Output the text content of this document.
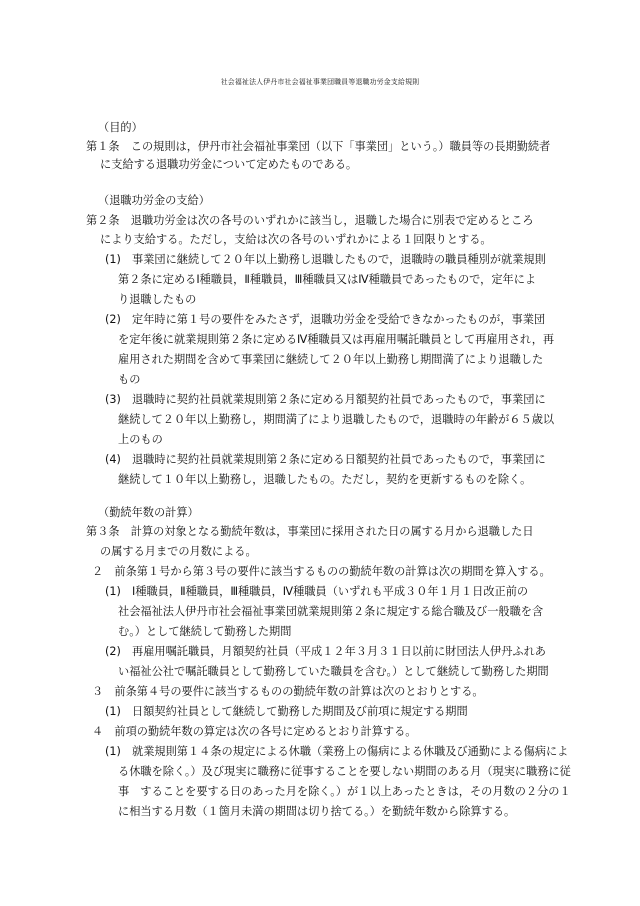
社会福祉法人伊丹市社会福祉事業団職員等退職功労金支給規則
（目的）
第１条　この規則は，伊丹市社会福祉事業団（以下「事業団」という。）職員等の長期勤続者
に支給する退職功労金について定めたものである。
（退職功労金の支給）
第２条　退職功労金は次の各号のいずれかに該当し，退職した場合に別表で定めるところ
により支給する。ただし，支給は次の各号のいずれかによる１回限りとする。
(1)　事業団に継続して２０年以上勤務し退職したもので，退職時の職員種別が就業規則
第２条に定めるⅠ種職員，Ⅱ種職員，Ⅲ種職員又はⅣ種職員であったもので，定年によ
り退職したもの
(2)　定年時に第１号の要件をみたさず，退職功労金を受給できなかったものが，事業団
を定年後に就業規則第２条に定めるⅣ種職員又は再雇用嘱託職員として再雇用され，再
雇用された期間を含めて事業団に継続して２０年以上勤務し期間満了により退職した
もの
(3)　退職時に契約社員就業規則第２条に定める月額契約社員であったもので，事業団に
継続して２０年以上勤務し，期間満了により退職したもので，退職時の年齢が６５歳以
上のもの
(4)　退職時に契約社員就業規則第２条に定める日額契約社員であったもので，事業団に
継続して１０年以上勤務し，退職したもの。ただし，契約を更新するものを除く。
（勤続年数の計算）
第３条　計算の対象となる勤続年数は，事業団に採用された日の属する月から退職した日
の属する月までの月数による。
２　前条第１号から第３号の要件に該当するものの勤続年数の計算は次の期間を算入する。
(1)　Ⅰ種職員，Ⅱ種職員，Ⅲ種職員，Ⅳ種職員（いずれも平成３０年１月１日改正前の
社会福祉法人伊丹市社会福祉事業団就業規則第２条に規定する総合職及び一般職を含
む。）として継続して勤務した期間
(2)　再雇用嘱託職員，月額契約社員（平成１２年３月３１日以前に財団法人伊丹ふれあ
い福祉公社で嘱託職員として勤務していた職員を含む。）として継続して勤務した期間
３　前条第４号の要件に該当するものの勤続年数の計算は次のとおりとする。
(1)　日額契約社員として継続して勤務した期間及び前項に規定する期間
４　前項の勤続年数の算定は次の各号に定めるとおり計算する。
(1)　就業規則第１４条の規定による休職（業務上の傷病による休職及び通勤による傷病によ
る休職を除く。）及び現実に職務に従事することを要しない期間のある月（現実に職務に従
事　することを要する日のあった月を除く。）が１以上あったときは，その月数の２分の１
に相当する月数（１箇月未満の期間は切り捨てる。）を勤続年数から除算する。
